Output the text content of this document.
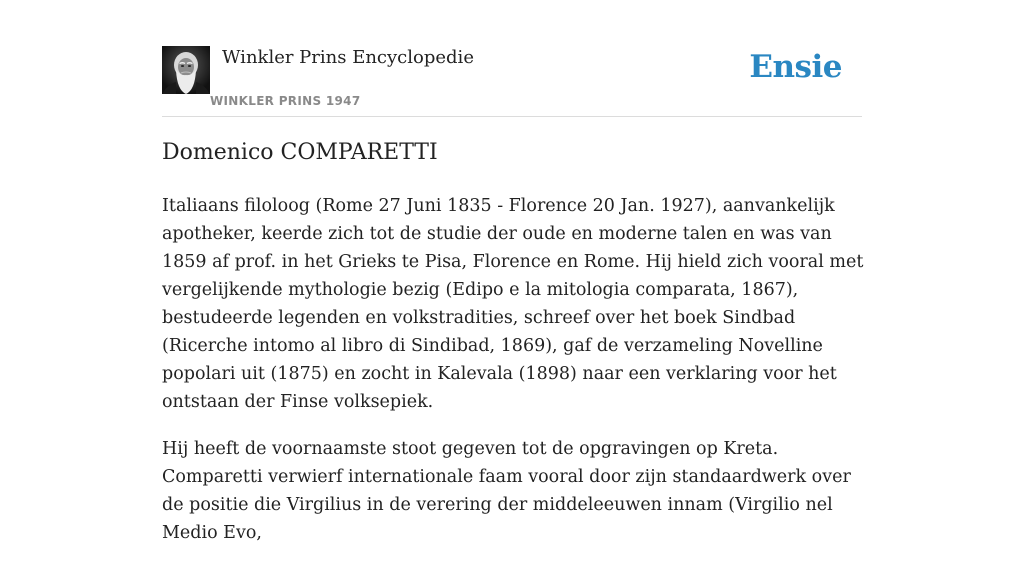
Winkler Prins Encyclopedie
WINKLER PRINS 1947
Ensie
Domenico COMPARETTI

Italiaans filoloog (Rome 27 Juni 1835 - Florence 20 Jan. 1927), aanvankelijk apotheker, keerde zich tot de studie der oude en moderne talen en was van 1859 af prof. in het Grieks te Pisa, Florence en Rome. Hij hield zich vooral met vergelijkende mythologie bezig (Edipo e la mitologia comparata, 1867), bestudeerde legenden en volkstradities, schreef over het boek Sindbad (Ricerche intomo al libro di Sindibad, 1869), gaf de verzameling Novelline popolari uit (1875) en zocht in Kalevala (1898) naar een verklaring voor het ontstaan der Finse volksepiek.

Hij heeft de voornaamste stoot gegeven tot de opgravingen op Kreta. Comparetti verwierf internationale faam vooral door zijn standaardwerk over de positie die Virgilius in de verering der middeleeuwen innam (Virgilio nel Medio Evo,
